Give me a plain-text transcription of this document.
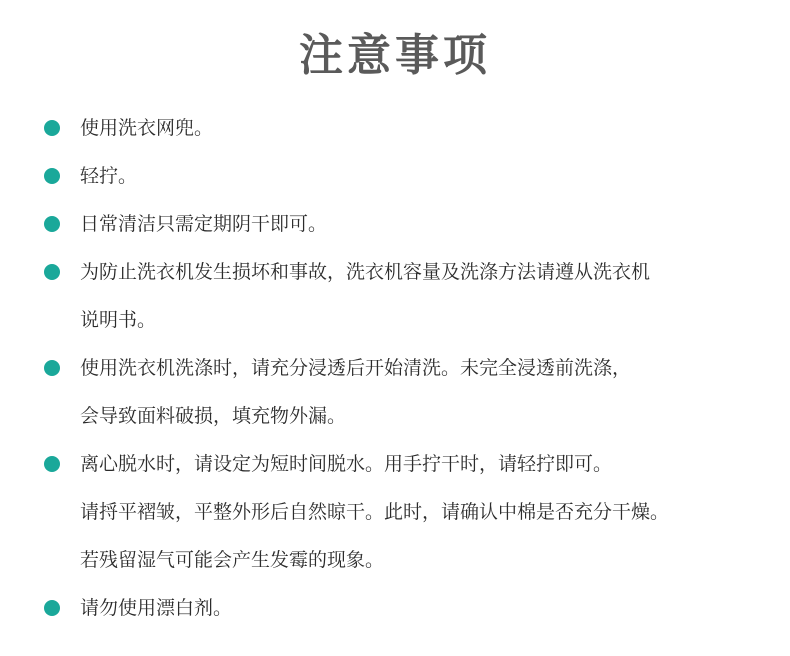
注意事项
使用洗衣网兜。
轻拧。
日常清洁只需定期阴干即可。
为防止洗衣机发生损坏和事故，洗衣机容量及洗涤方法请遵从洗衣机
说明书。
使用洗衣机洗涤时，请充分浸透后开始清洗。未完全浸透前洗涤，
会导致面料破损，填充物外漏。
离心脱水时，请设定为短时间脱水。用手拧干时，请轻拧即可。
请捋平褶皱，平整外形后自然晾干。此时，请确认中棉是否充分干燥。
若残留湿气可能会产生发霉的现象。
请勿使用漂白剂。
